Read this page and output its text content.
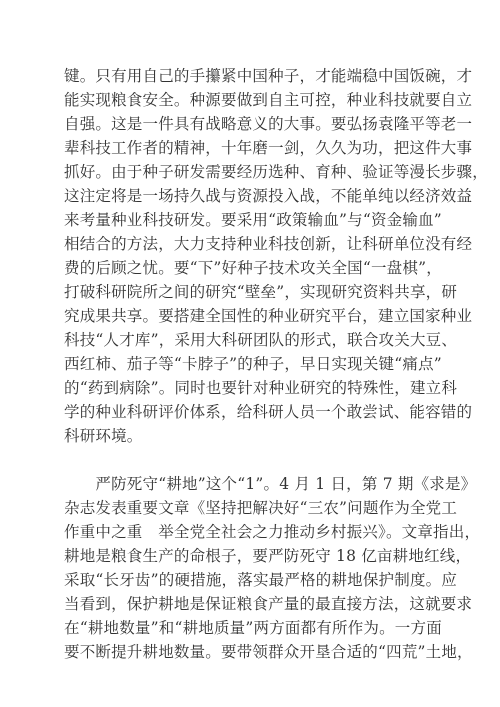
键。只有用自己的手攥紧中国种子，才能端稳中国饭碗，才
能实现粮食安全。种源要做到自主可控，种业科技就要自立
自强。这是一件具有战略意义的大事。要弘扬袁隆平等老一
辈科技工作者的精神，十年磨一剑，久久为功，把这件大事
抓好。由于种子研发需要经历选种、育种、验证等漫长步骤，
这注定将是一场持久战与资源投入战，不能单纯以经济效益
来考量种业科技研发。要采用“政策输血”与“资金输血”
相结合的方法，大力支持种业科技创新，让科研单位没有经
费的后顾之忧。要“下”好种子技术攻关全国“一盘棋”，
打破科研院所之间的研究“壁垒”，实现研究资料共享，研
究成果共享。要搭建全国性的种业研究平台，建立国家种业
科技“人才库”，采用大科研团队的形式，联合攻关大豆、
西红柿、茄子等“卡脖子”的种子，早日实现关键“痛点”
的“药到病除”。同时也要针对种业研究的特殊性，建立科
学的种业科研评价体系，给科研人员一个敢尝试、能容错的
科研环境。
　　严防死守“耕地”这个“1”。4 月 1 日，第 7 期《求是》
杂志发表重要文章《坚持把解决好“三农”问题作为全党工
作重中之重　举全党全社会之力推动乡村振兴》。文章指出，
耕地是粮食生产的命根子，要严防死守 18 亿亩耕地红线，
采取“长牙齿”的硬措施，落实最严格的耕地保护制度。应
当看到，保护耕地是保证粮食产量的最直接方法，这就要求
在“耕地数量”和“耕地质量”两方面都有所作为。一方面
要不断提升耕地数量。要带领群众开垦合适的“四荒”土地，
